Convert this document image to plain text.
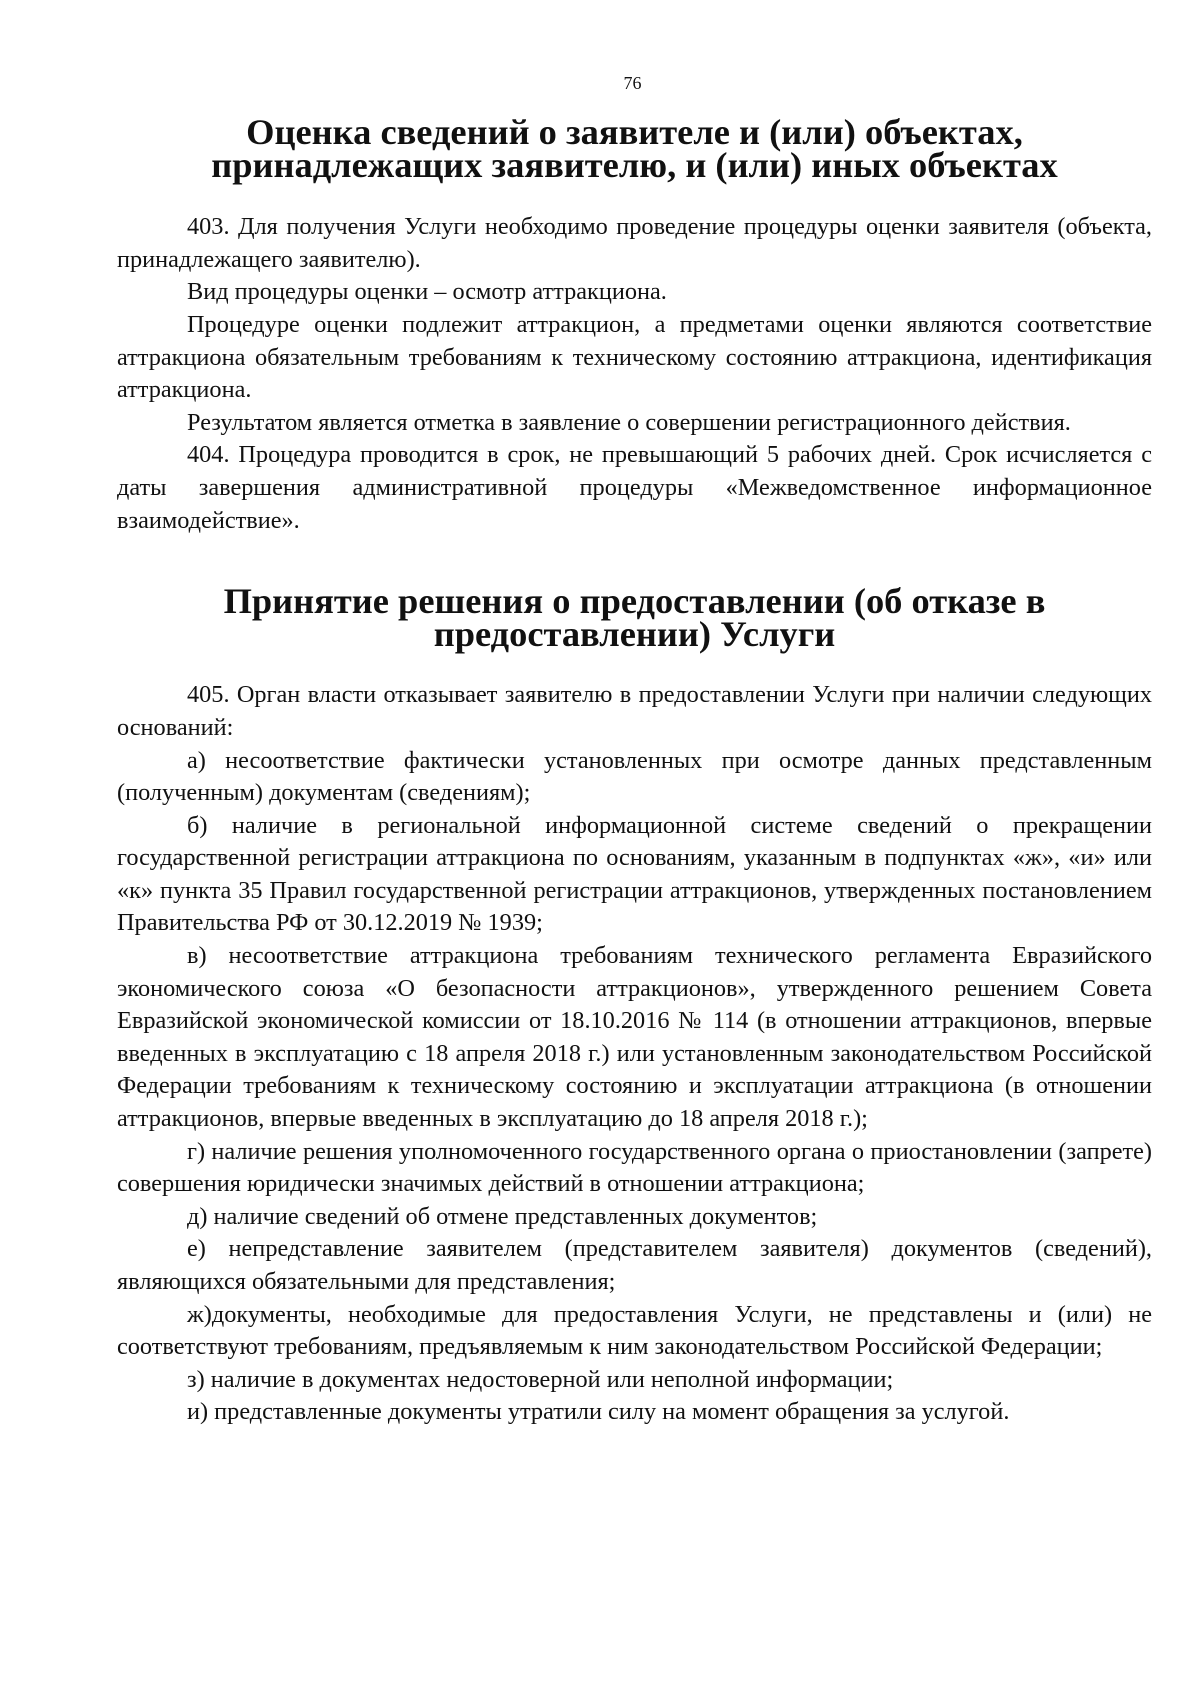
76
Оценка сведений о заявителе и (или) объектах, принадлежащих заявителю, и (или) иных объектах

403. Для получения Услуги необходимо проведение процедуры оценки заявителя (объекта, принадлежащего заявителю).

Вид процедуры оценки – осмотр аттракциона.

Процедуре оценки подлежит аттракцион, а предметами оценки являются соответствие аттракциона обязательным требованиям к техническому состоянию аттракциона, идентификация аттракциона.

Результатом является отметка в заявление о совершении регистрационного действия.

404. Процедура проводится в срок, не превышающий 5 рабочих дней. Срок исчисляется с даты завершения административной процедуры «Межведомственное информационное взаимодействие».

Принятие решения о предоставлении (об отказе в предоставлении) Услуги

405. Орган власти отказывает заявителю в предоставлении Услуги при наличии следующих оснований:

а) несоответствие фактически установленных при осмотре данных представленным (полученным) документам (сведениям);

б) наличие в региональной информационной системе сведений о прекращении государственной регистрации аттракциона по основаниям, указанным в подпунктах «ж», «и» или «к» пункта 35 Правил государственной регистрации аттракционов, утвержденных постановлением Правительства РФ от 30.12.2019 № 1939;

в) несоответствие аттракциона требованиям технического регламента Евразийского экономического союза «О безопасности аттракционов», утвержденного решением Совета Евразийской экономической комиссии от 18.10.2016 № 114 (в отношении аттракционов, впервые введенных в эксплуатацию с 18 апреля 2018 г.) или установленным законодательством Российской Федерации требованиям к техническому состоянию и эксплуатации аттракциона (в отношении аттракционов, впервые введенных в эксплуатацию до 18 апреля 2018 г.);

г) наличие решения уполномоченного государственного органа о приостановлении (запрете) совершения юридически значимых действий в отношении аттракциона;

д) наличие сведений об отмене представленных документов;

е) непредставление заявителем (представителем заявителя) документов (сведений), являющихся обязательными для представления;

ж)документы, необходимые для предоставления Услуги, не представлены и (или) не соответствуют требованиям, предъявляемым к ним законодательством Российской Федерации;

з) наличие в документах недостоверной или неполной информации;

и) представленные документы утратили силу на момент обращения за услугой.
